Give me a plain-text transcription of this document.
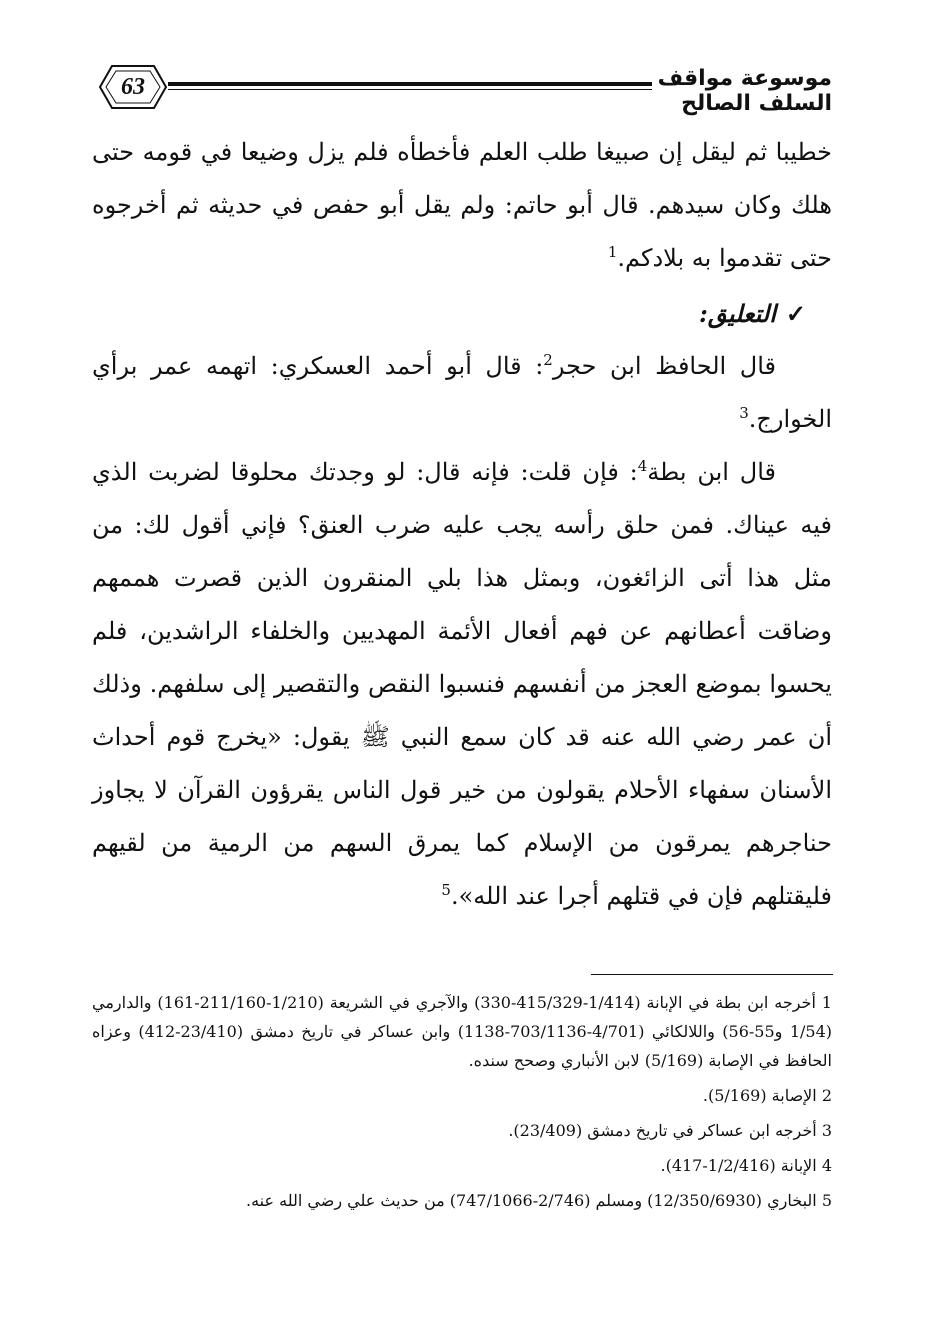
63	موسوعة مواقف السلف الصالح

خطيبا ثم ليقل إن صبيغا طلب العلم فأخطأه فلم يزل وضيعا في قومه حتى هلك وكان سيدهم. قال أبو حاتم: ولم يقل أبو حفص في حديثه ثم أخرجوه حتى تقدموا به بلادكم.$^1$

✓التعليق:

قال الحافظ ابن حجر$^2$: قال أبو أحمد العسكري: اتهمه عمر برأي الخوارج.$^3$

قال ابن بطة$^4$: فإن قلت: فإنه قال: لو وجدتك محلوقا لضربت الذي فيه عيناك. فمن حلق رأسه يجب عليه ضرب العنق؟ فإني أقول لك: من مثل هذا أتى الزائغون، وبمثل هذا بلي المنقرون الذين قصرت هممهم وضاقت أعطانهم عن فهم أفعال الأئمة المهديين والخلفاء الراشدين، فلم يحسوا بموضع العجز من أنفسهم فنسبوا النقص والتقصير إلى سلفهم. وذلك أن عمر رضي الله عنه قد كان سمع النبي ﷺ يقول: «يخرج قوم أحداث الأسنان سفهاء الأحلام يقولون من خير قول الناس يقرؤون القرآن لا يجاوز حناجرهم يمرقون من الإسلام كما يمرق السهم من الرمية من لقيهم فليقتلهم فإن في قتلهم أجرا عند الله».$^5$

1 أخرجه ابن بطة في الإبانة (1/414-415/329-330) والآجري في الشريعة (1/210-211/160-161) والدارمي (1/54 و55-56) واللالكائي (4/701-703/1136-1138) وابن عساكر في تاريخ دمشق (23/410-412) وعزاه الحافظ في الإصابة (5/169) لابن الأنباري وصحح سنده.

2 الإصابة (5/169).

3 أخرجه ابن عساكر في تاريخ دمشق (23/409).

4 الإبانة (1/2/416-417).

5 البخاري (12/350/6930) ومسلم (2/746-747/1066) من حديث علي رضي الله عنه.
